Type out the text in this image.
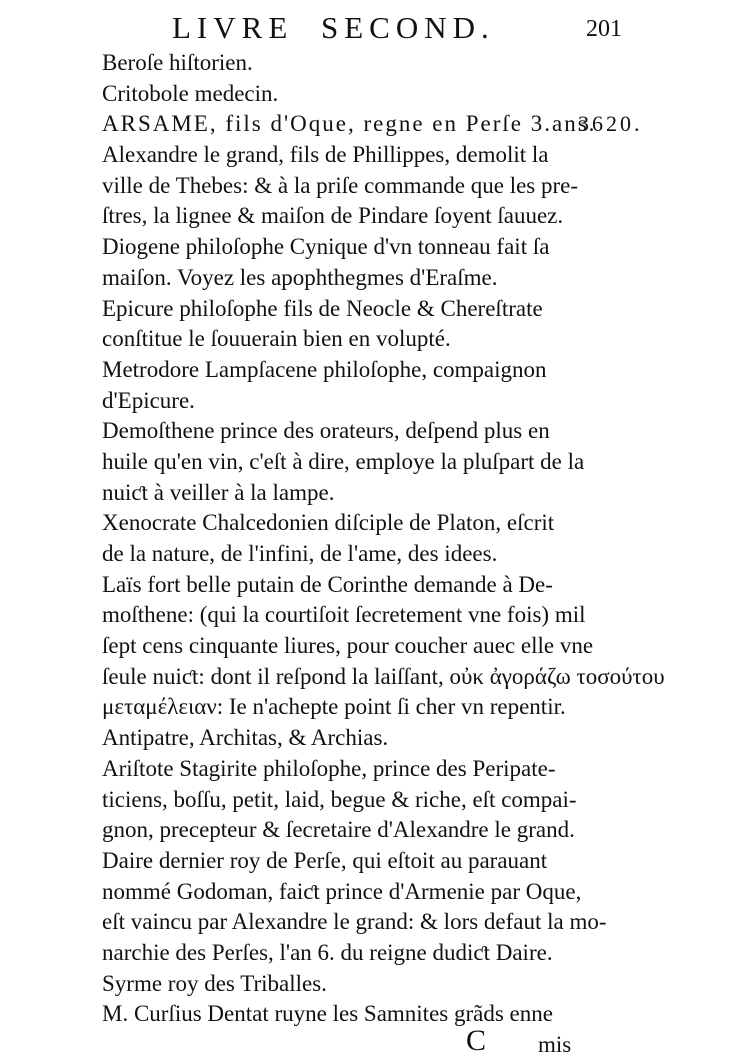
LIVRE SECOND.	201
3620.
Beroſe hiſtorien.
Critobole medecin.
ARSAME, fils d'Oque, regne en Perſe 3.ans.
Alexandre le grand, fils de Phillippes, demolit la
ville de Thebes: & à la priſe commande que les pre-
ſtres, la lignee & maiſon de Pindare ſoyent ſauuez.
Diogene philoſophe Cynique d'vn tonneau fait ſa
maiſon. Voyez les apophthegmes d'Eraſme.
Epicure philoſophe fils de Neocle & Chereſtrate
conſtitue le ſouuerain bien en volupté.
Metrodore Lampſacene philoſophe, compaignon
d'Epicure.
Demoſthene prince des orateurs, deſpend plus en
huile qu'en vin, c'eſt à dire, employe la pluſpart de la
nuiƈt à veiller à la lampe.
Xenocrate Chalcedonien diſciple de Platon, eſcrit
de la nature, de l'infini, de l'ame, des idees.
Laïs fort belle putain de Corinthe demande à De-
moſthene: (qui la courtiſoit ſecretement vne fois) mil
ſept cens cinquante liures, pour coucher auec elle vne
ſeule nuiƈt: dont il reſpond la laiſſant, οὐκ ἀγοράζω τοσούτου
μεταμέλειαν: Ie n'achepte point ſi cher vn repentir.
Antipatre, Architas, & Archias.
Ariſtote Stagirite philoſophe, prince des Peripate-
ticiens, boſſu, petit, laid, begue & riche, eſt compai-
gnon, precepteur & ſecretaire d'Alexandre le grand.
Daire dernier roy de Perſe, qui eſtoit au parauant
nommé Godoman, faiƈt prince d'Armenie par Oque,
eſt vaincu par Alexandre le grand: & lors defaut la mo-
narchie des Perſes, l'an 6. du reigne dudiƈt Daire.
Syrme roy des Triballes.
M. Curſius Dentat ruyne les Samnites grãds enne
C mis
